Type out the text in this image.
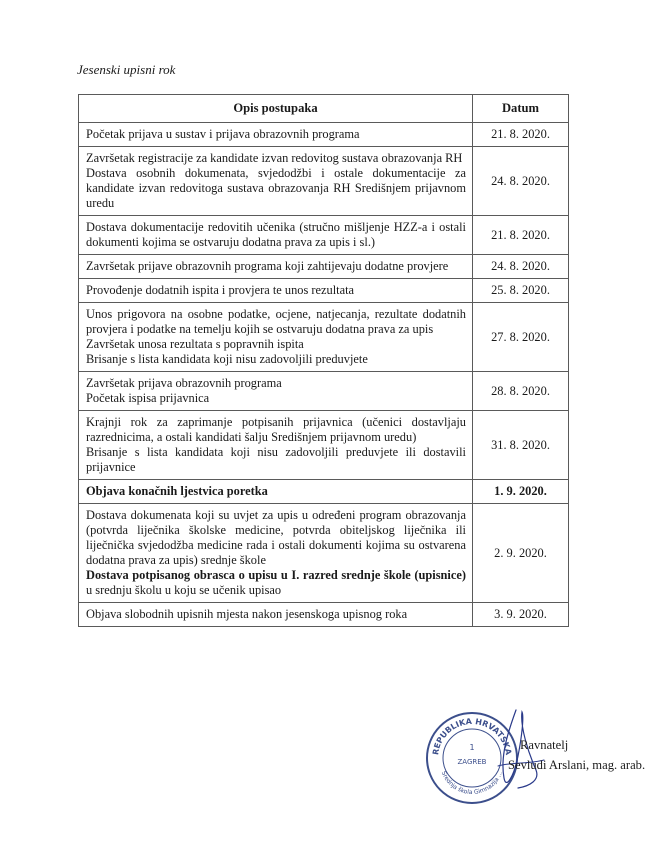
Jesenski upisni rok
Opis postupaka	Datum

Početak prijava u sustav i prijava obrazovnih programa	21. 8. 2020.

Završetak registracije za kandidate izvan redovitog sustava obrazovanja RH
Dostava osobnih dokumenata, svjedodžbi i ostale dokumentacije za kandidate izvan redovitoga sustava obrazovanja RH Središnjem prijavnom uredu	24. 8. 2020.

Dostava dokumentacije redovitih učenika (stručno mišljenje HZZ-a i ostali dokumenti kojima se ostvaruju dodatna prava za upis i sl.)	21. 8. 2020.

Završetak prijave obrazovnih programa koji zahtijevaju dodatne provjere	24. 8. 2020.

Provođenje dodatnih ispita i provjera te unos rezultata	25. 8. 2020.

Unos prigovora na osobne podatke, ocjene, natjecanja, rezultate dodatnih provjera i podatke na temelju kojih se ostvaruju dodatna prava za upis
Završetak unosa rezultata s popravnih ispita
Brisanje s lista kandidata koji nisu zadovoljili preduvjete	27. 8. 2020.

Završetak prijava obrazovnih programa
Početak ispisa prijavnica	28. 8. 2020.

Krajnji rok za zaprimanje potpisanih prijavnica (učenici dostavljaju razrednicima, a ostali kandidati šalju Središnjem prijavnom uredu)
Brisanje s lista kandidata koji nisu zadovoljili preduvjete ili dostavili prijavnice	31. 8. 2020.

Objava konačnih ljestvica poretka	1. 9. 2020.

Dostava dokumenata koji su uvjet za upis u određeni program obrazovanja (potvrda liječnika školske medicine, potvrda obiteljskog liječnika ili liječnička svjedodžba medicine rada i ostali dokumenti kojima su ostvarena dodatna prava za upis) srednje škole
Dostava potpisanog obrasca o upisu u I. razred srednje škole (upisnice) u srednju školu u koju se učenik upisao	2. 9. 2020.

Objava slobodnih upisnih mjesta nakon jesenskoga upisnog roka	3. 9. 2020.
REPUBLIKA HRVATSKA
Srednja škola Gimnazija ...
1
ZAGREB
Ravnatelj
Sevludi Arslani, mag. arab.
